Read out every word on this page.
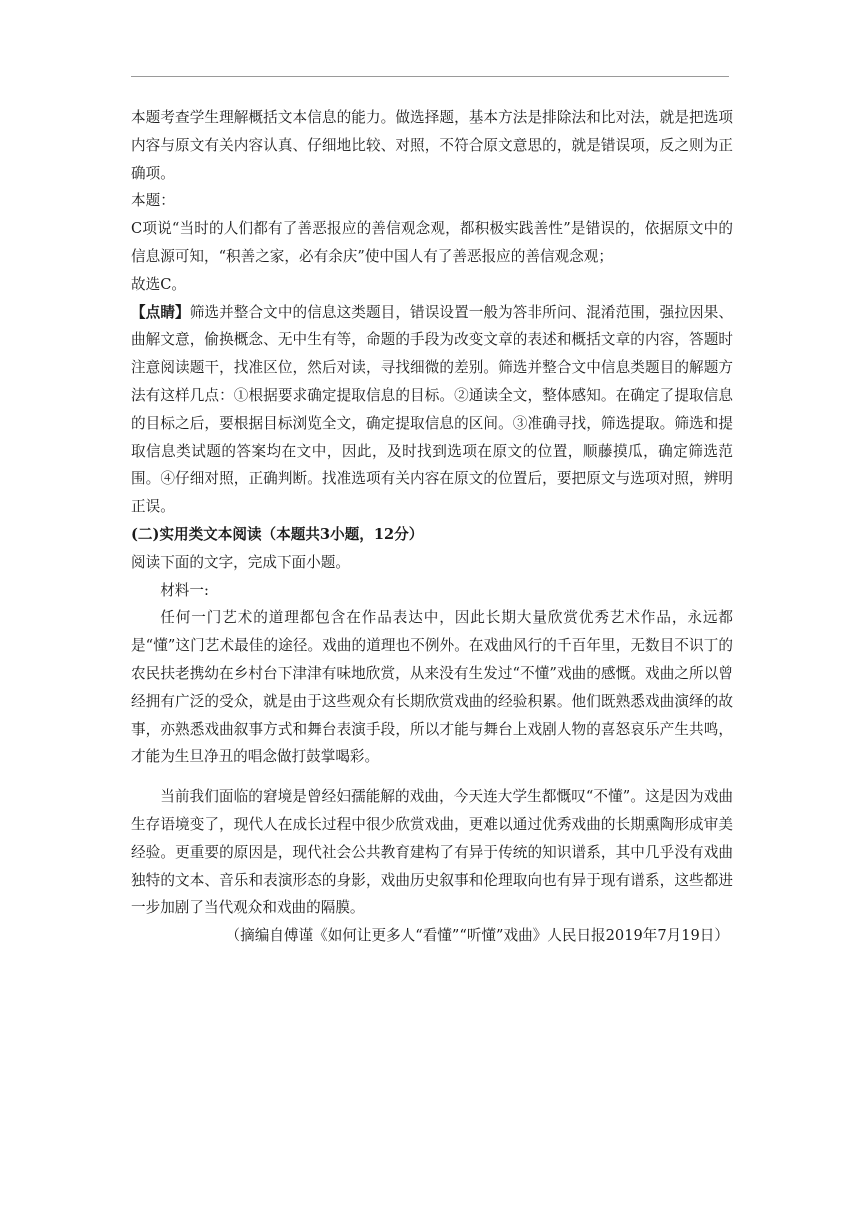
本题考查学生理解概括文本信息的能力。做选择题，基本方法是排除法和比对法，就是把选项内容与原文有关内容认真、仔细地比较、对照，不符合原文意思的，就是错误项，反之则为正确项。

本题：

C项说“当时的人们都有了善恶报应的善信观念观，都积极实践善性”是错误的，依据原文中的信息源可知，“积善之家，必有余庆”使中国人有了善恶报应的善信观念观；

故选C。

【点睛】筛选并整合文中的信息这类题目，错误设置一般为答非所问、混淆范围，强拉因果、曲解文意，偷换概念、无中生有等，命题的手段为改变文章的表述和概括文章的内容，答题时注意阅读题干，找准区位，然后对读，寻找细微的差别。筛选并整合文中信息类题目的解题方法有这样几点：①根据要求确定提取信息的目标。②通读全文，整体感知。在确定了提取信息的目标之后，要根据目标浏览全文，确定提取信息的区间。③准确寻找，筛选提取。筛选和提取信息类试题的答案均在文中，因此，及时找到选项在原文的位置，顺藤摸瓜，确定筛选范围。④仔细对照，正确判断。找准选项有关内容在原文的位置后，要把原文与选项对照，辨明正误。

(二)实用类文本阅读（本题共3小题，12分）

阅读下面的文字，完成下面小题。

材料一:

任何一门艺术的道理都包含在作品表达中，因此长期大量欣赏优秀艺术作品，永远都是“懂”这门艺术最佳的途径。戏曲的道理也不例外。在戏曲风行的千百年里，无数目不识丁的农民扶老携幼在乡村台下津津有味地欣赏，从来没有生发过“不懂”戏曲的感慨。戏曲之所以曾经拥有广泛的受众，就是由于这些观众有长期欣赏戏曲的经验积累。他们既熟悉戏曲演绎的故事，亦熟悉戏曲叙事方式和舞台表演手段，所以才能与舞台上戏剧人物的喜怒哀乐产生共鸣，才能为生旦净丑的唱念做打鼓掌喝彩。

当前我们面临的窘境是曾经妇孺能解的戏曲，今天连大学生都慨叹“不懂”。这是因为戏曲生存语境变了，现代人在成长过程中很少欣赏戏曲，更难以通过优秀戏曲的长期熏陶形成审美经验。更重要的原因是，现代社会公共教育建构了有异于传统的知识谱系，其中几乎没有戏曲独特的文本、音乐和表演形态的身影，戏曲历史叙事和伦理取向也有异于现有谱系，这些都进一步加剧了当代观众和戏曲的隔膜。

（摘编自傅谨《如何让更多人“看懂”“听懂”戏曲》人民日报2019年7月19日）
